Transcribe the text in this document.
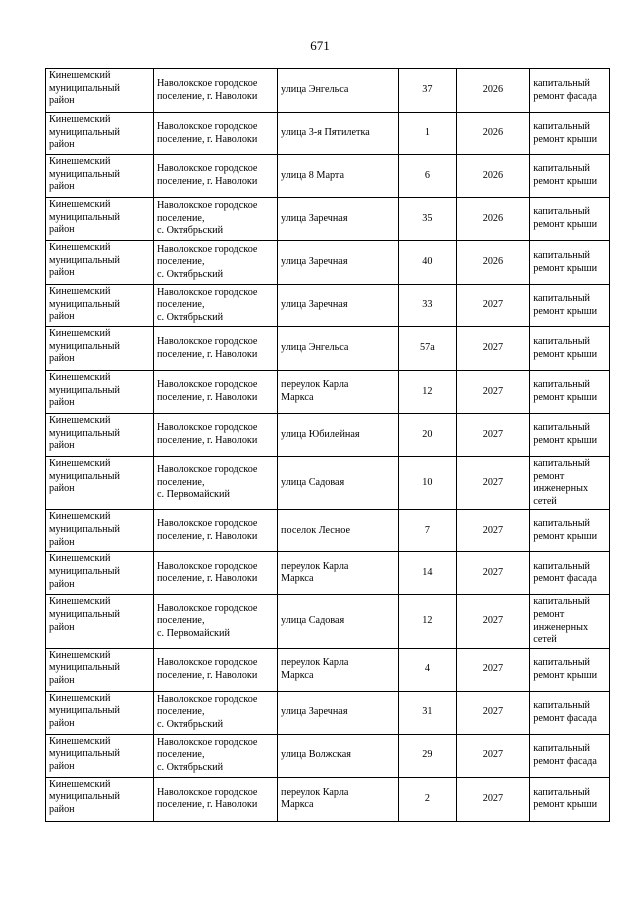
671
Кинешемский
муниципальный
район	Наволокское городское
поселение, г. Наволоки	улица Энгельса	37	2026	капитальный
ремонт фасада

Кинешемский
муниципальный
район	Наволокское городское
поселение, г. Наволоки	улица 3-я Пятилетка	1	2026	капитальный
ремонт крыши

Кинешемский
муниципальный
район	Наволокское городское
поселение, г. Наволоки	улица 8 Марта	6	2026	капитальный
ремонт крыши

Кинешемский
муниципальный
район	Наволокское городское
поселение,
с. Октябрьский	улица Заречная	35	2026	капитальный
ремонт крыши

Кинешемский
муниципальный
район	Наволокское городское
поселение,
с. Октябрьский	улица Заречная	40	2026	капитальный
ремонт крыши

Кинешемский
муниципальный
район	Наволокское городское
поселение,
с. Октябрьский	улица Заречная	33	2027	капитальный
ремонт крыши

Кинешемский
муниципальный
район	Наволокское городское
поселение, г. Наволоки	улица Энгельса	57а	2027	капитальный
ремонт крыши

Кинешемский
муниципальный
район	Наволокское городское
поселение, г. Наволоки	переулок Карла
Маркса	12	2027	капитальный
ремонт крыши

Кинешемский
муниципальный
район	Наволокское городское
поселение, г. Наволоки	улица Юбилейная	20	2027	капитальный
ремонт крыши

Кинешемский
муниципальный
район	Наволокское городское
поселение,
с. Первомайский	улица Садовая	10	2027	капитальный
ремонт
инженерных
сетей

Кинешемский
муниципальный
район	Наволокское городское
поселение, г. Наволоки	поселок Лесное	7	2027	капитальный
ремонт крыши

Кинешемский
муниципальный
район	Наволокское городское
поселение, г. Наволоки	переулок Карла
Маркса	14	2027	капитальный
ремонт фасада

Кинешемский
муниципальный
район	Наволокское городское
поселение,
с. Первомайский	улица Садовая	12	2027	капитальный
ремонт
инженерных
сетей

Кинешемский
муниципальный
район	Наволокское городское
поселение, г. Наволоки	переулок Карла
Маркса	4	2027	капитальный
ремонт крыши

Кинешемский
муниципальный
район	Наволокское городское
поселение,
с. Октябрьский	улица Заречная	31	2027	капитальный
ремонт фасада

Кинешемский
муниципальный
район	Наволокское городское
поселение,
с. Октябрьский	улица Волжская	29	2027	капитальный
ремонт фасада

Кинешемский
муниципальный
район	Наволокское городское
поселение, г. Наволоки	переулок Карла
Маркса	2	2027	капитальный
ремонт крыши
